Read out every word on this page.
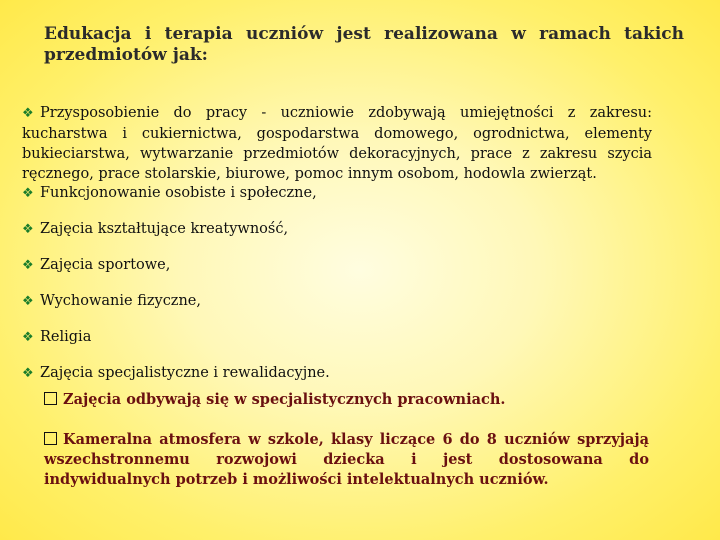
Edukacja i terapia uczniów jest realizowana w ramach takich przedmiotów jak:
❖ Przysposobienie do pracy - uczniowie zdobywają umiejętności z zakresu: kucharstwa i cukiernictwa, gospodarstwa domowego, ogrodnictwa, elementy bukieciarstwa, wytwarzanie przedmiotów dekoracyjnych, prace z zakresu szycia ręcznego, prace stolarskie, biurowe, pomoc innym osobom, hodowla zwierząt.
❖ Funkcjonowanie osobiste i społeczne,
❖ Zajęcia kształtujące kreatywność,
❖ Zajęcia sportowe,
❖ Wychowanie fizyczne,
❖ Religia
❖ Zajęcia specjalistyczne i rewalidacyjne.
Zajęcia odbywają się w specjalistycznych pracowniach.
Kameralna atmosfera w szkole, klasy liczące 6 do 8 uczniów sprzyjają wszechstronnemu rozwojowi dziecka i jest dostosowana do indywidualnych potrzeb i możliwości intelektualnych uczniów.
